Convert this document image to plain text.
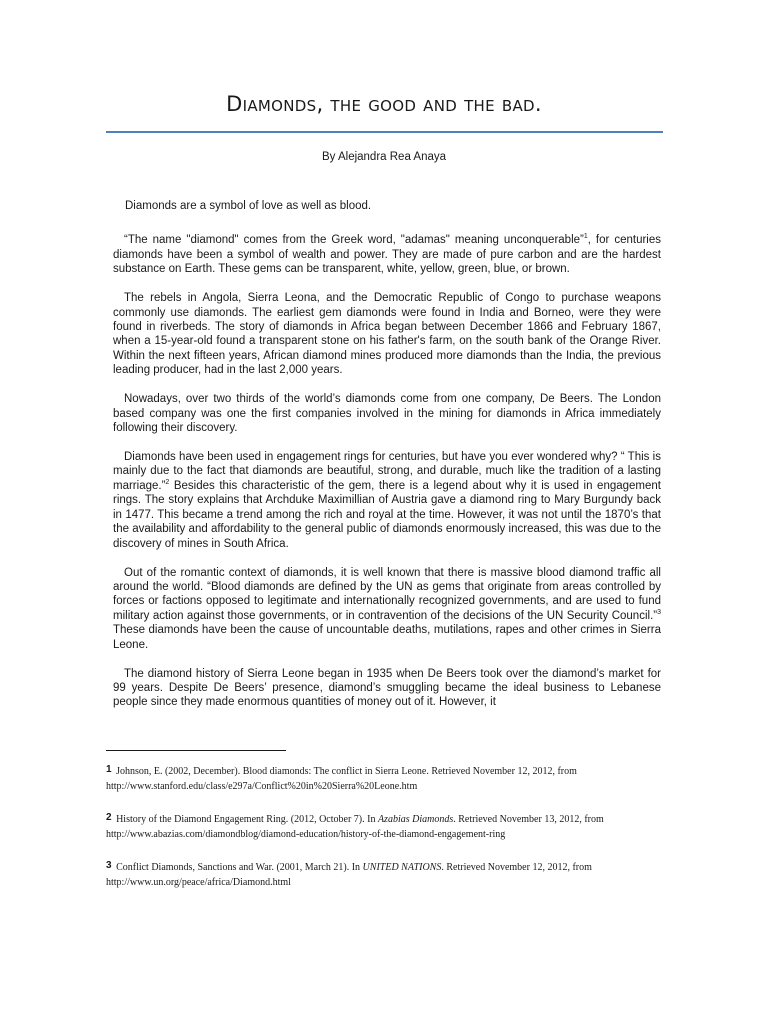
Diamonds, the good and the bad.
By Alejandra Rea Anaya

Diamonds are a symbol of love as well as blood.

“The name "diamond" comes from the Greek word, "adamas" meaning unconquerable”$^1$, for centuries diamonds have been a symbol of wealth and power. They are made of pure carbon and are the hardest substance on Earth. These gems can be transparent, white, yellow, green, blue, or brown.

The rebels in Angola, Sierra Leona, and the Democratic Republic of Congo to purchase weapons commonly use diamonds. The earliest gem diamonds were found in India and Borneo, were they were found in riverbeds. The story of diamonds in Africa began between December 1866 and February 1867, when a 15-year-old found a transparent stone on his father's farm, on the south bank of the Orange River. Within the next fifteen years, African diamond mines produced more diamonds than the India, the previous leading producer, had in the last 2,000 years.

Nowadays, over two thirds of the world’s diamonds come from one company, De Beers. The London based company was one the first companies involved in the mining for diamonds in Africa immediately following their discovery.

Diamonds have been used in engagement rings for centuries, but have you ever wondered why? “ This is mainly due to the fact that diamonds are beautiful, strong, and durable, much like the tradition of a lasting marriage.”$^2$ Besides this characteristic of the gem, there is a legend about why it is used in engagement rings. The story explains that Archduke Maximillian of Austria gave a diamond ring to Mary Burgundy back in 1477. This became a trend among the rich and royal at the time. However, it was not until the 1870’s that the availability and affordability to the general public of diamonds enormously increased, this was due to the discovery of mines in South Africa.

Out of the romantic context of diamonds, it is well known that there is massive blood diamond traffic all around the world. “Blood diamonds are defined by the UN as gems that originate from areas controlled by forces or factions opposed to legitimate and internationally recognized governments, and are used to fund military action against those governments, or in contravention of the decisions of the UN Security Council.”$^3$ These diamonds have been the cause of uncountable deaths, mutilations, rapes and other crimes in Sierra Leone.

The diamond history of Sierra Leone began in 1935 when De Beers took over the diamond’s market for 99 years. Despite De Beers’ presence, diamond’s smuggling became the ideal business to Lebanese people since they made enormous quantities of money out of it. However, it

1 Johnson, E. (2002, December). Blood diamonds: The conflict in Sierra Leone. Retrieved November 12, 2012, from http://www.stanford.edu/class/e297a/Conflict%20in%20Sierra%20Leone.htm
2 History of the Diamond Engagement Ring. (2012, October 7). In Azabias Diamonds. Retrieved November 13, 2012, from http://www.abazias.com/diamondblog/diamond-education/history-of-the-diamond-engagement-ring
3 Conflict Diamonds, Sanctions and War. (2001, March 21). In UNITED NATIONS. Retrieved November 12, 2012, from http://www.un.org/peace/africa/Diamond.html
